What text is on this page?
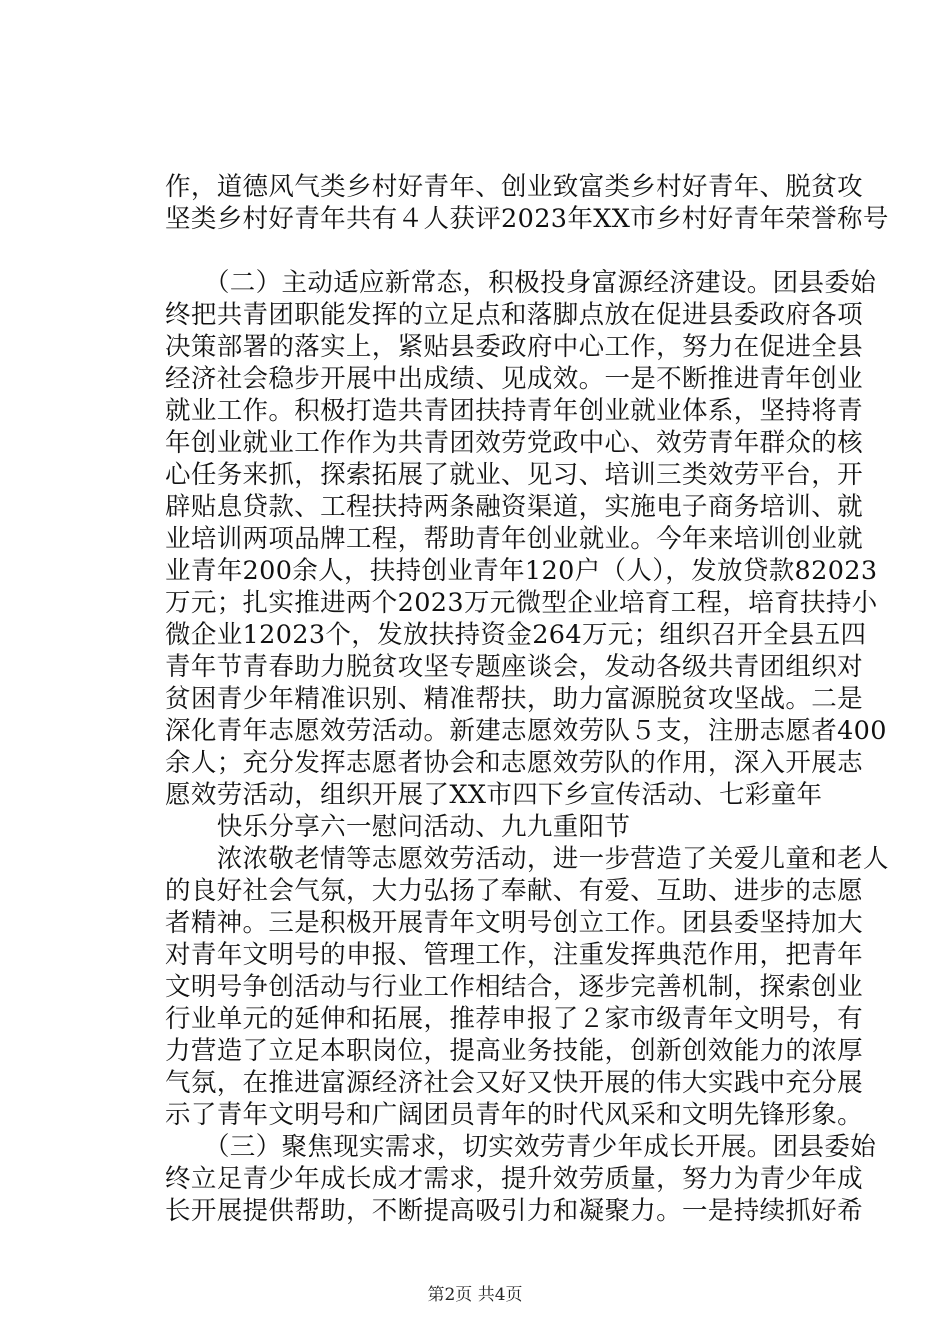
作，道德风气类乡村好青年、创业致富类乡村好青年、脱贫攻
坚类乡村好青年共有４人获评2023年XX市乡村好青年荣誉称号
　　（二）主动适应新常态，积极投身富源经济建设。团县委始
终把共青团职能发挥的立足点和落脚点放在促进县委政府各项
决策部署的落实上，紧贴县委政府中心工作，努力在促进全县
经济社会稳步开展中出成绩、见成效。一是不断推进青年创业
就业工作。积极打造共青团扶持青年创业就业体系，坚持将青
年创业就业工作作为共青团效劳党政中心、效劳青年群众的核
心任务来抓，探索拓展了就业、见习、培训三类效劳平台，开
辟贴息贷款、工程扶持两条融资渠道，实施电子商务培训、就
业培训两项品牌工程，帮助青年创业就业。今年来培训创业就
业青年200余人，扶持创业青年120户（人），发放贷款82023
万元；扎实推进两个2023万元微型企业培育工程，培育扶持小
微企业12023个，发放扶持资金264万元；组织召开全县五四
青年节青春助力脱贫攻坚专题座谈会，发动各级共青团组织对
贫困青少年精准识别、精准帮扶，助力富源脱贫攻坚战。二是
深化青年志愿效劳活动。新建志愿效劳队５支，注册志愿者400
余人；充分发挥志愿者协会和志愿效劳队的作用，深入开展志
愿效劳活动，组织开展了XX市四下乡宣传活动、七彩童年
　　快乐分享六一慰问活动、九九重阳节
　　浓浓敬老情等志愿效劳活动，进一步营造了关爱儿童和老人
的良好社会气氛，大力弘扬了奉献、有爱、互助、进步的志愿
者精神。三是积极开展青年文明号创立工作。团县委坚持加大
对青年文明号的申报、管理工作，注重发挥典范作用，把青年
文明号争创活动与行业工作相结合，逐步完善机制，探索创业
行业单元的延伸和拓展，推荐申报了２家市级青年文明号，有
力营造了立足本职岗位，提高业务技能，创新创效能力的浓厚
气氛，在推进富源经济社会又好又快开展的伟大实践中充分展
示了青年文明号和广阔团员青年的时代风采和文明先锋形象。
　　（三）聚焦现实需求，切实效劳青少年成长开展。团县委始
终立足青少年成长成才需求，提升效劳质量，努力为青少年成
长开展提供帮助，不断提高吸引力和凝聚力。一是持续抓好希
第2页 共4页
